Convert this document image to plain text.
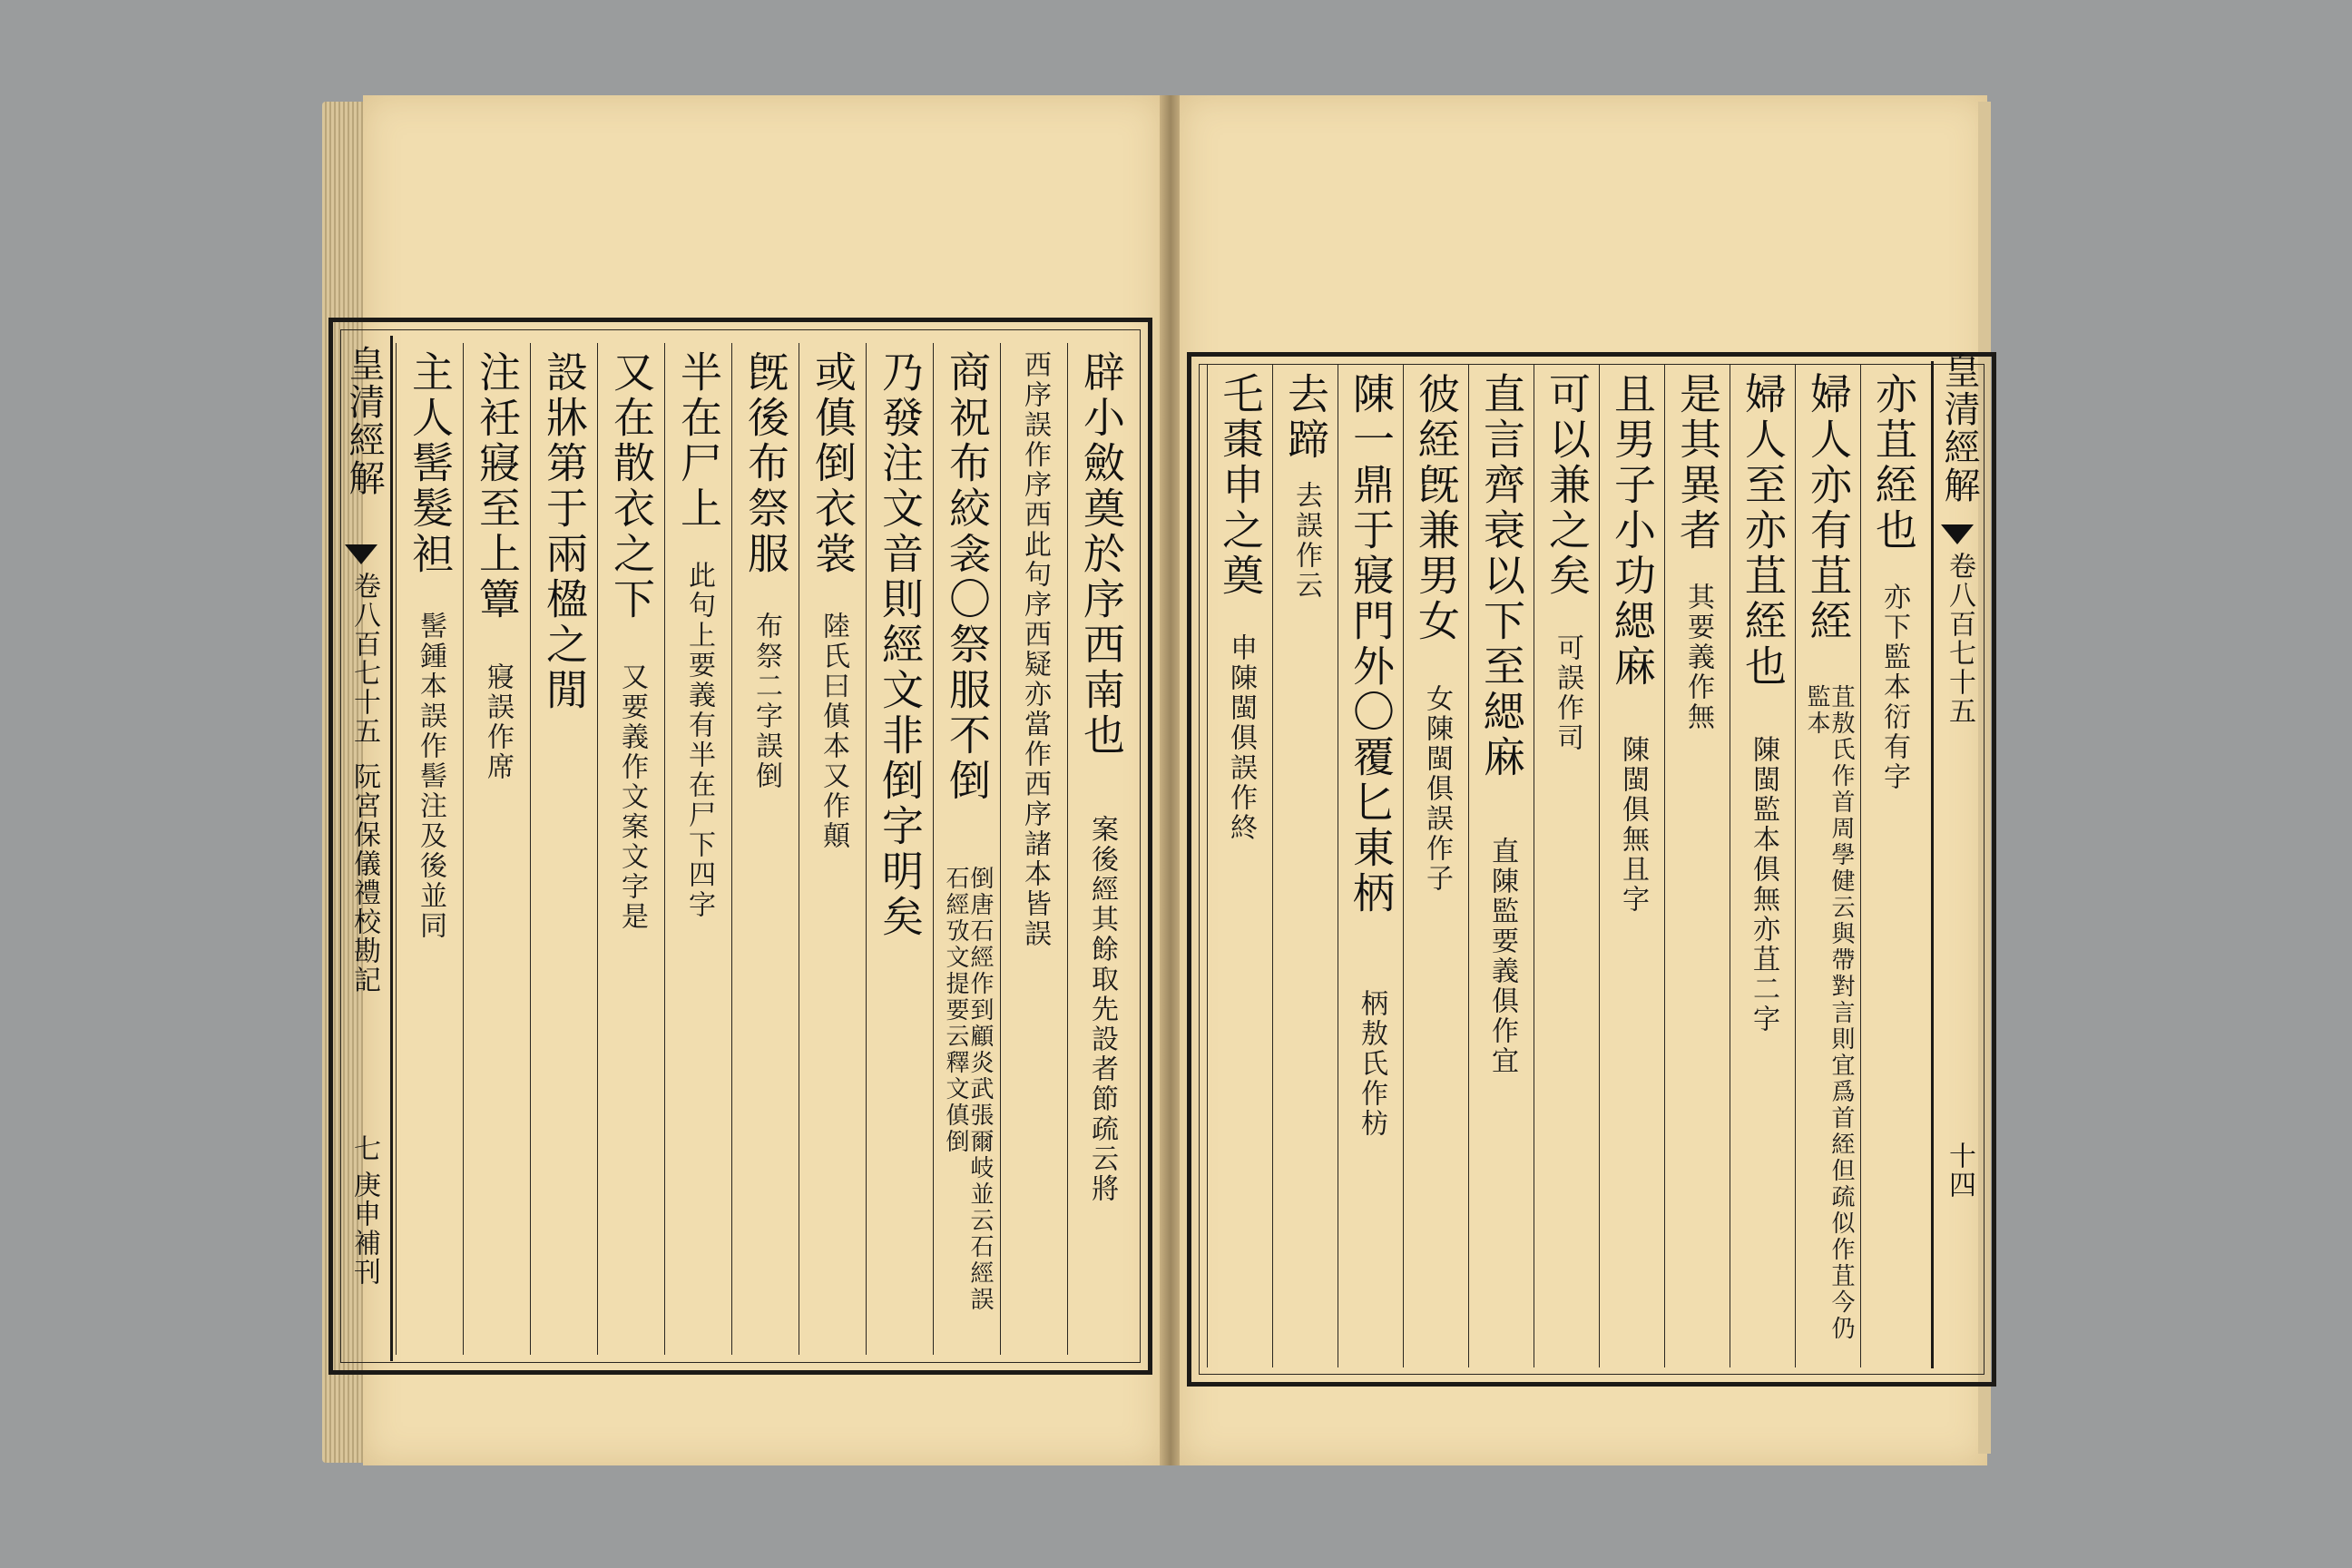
皇清經解
卷八百七十五
阮宮保儀禮校勘記
七
庚申補刊
辟小斂奠於序西南也
案後經其餘取先設者節疏云將
西序誤作序西此句序西疑亦當作西序諸本皆誤
商祝布絞衾〇祭服不倒
倒唐石經作到顧炎武張爾岐並云石經誤石經攷文提要云釋文傎倒
乃發注文音則經文非倒字明矣
或傎倒衣裳
陸氏曰傎本又作顛
旣後布祭服
布祭二字誤倒
半在尸上
此句上要義有半在尸下四字
又在散衣之下
又要義作文案文字是
設牀第于兩楹之閒
注衽寢至上簟
寢誤作席
主人髺髮袒
髺鍾本誤作髻注及後並同
皇清經解
卷八百七十五
十四
亦苴絰也
亦下監本衍有字
婦人亦有苴絰
苴敖氏作首周學健云與帶對言則宜爲首絰但疏似作苴今仍監本
婦人至亦苴絰也
陳閩監本俱無亦苴二字
是其異者
其要義作無
且男子小功緦麻
陳閩俱無且字
可以兼之矣
可誤作司
直言齊衰以下至緦麻
直陳監要義俱作宜
彼絰旣兼男女
女陳閩俱誤作子
陳一鼎于寢門外〇覆匕東柄
柄敖氏作枋
去蹄
去誤作云
乇棗申之奠
申陳閩俱誤作終
